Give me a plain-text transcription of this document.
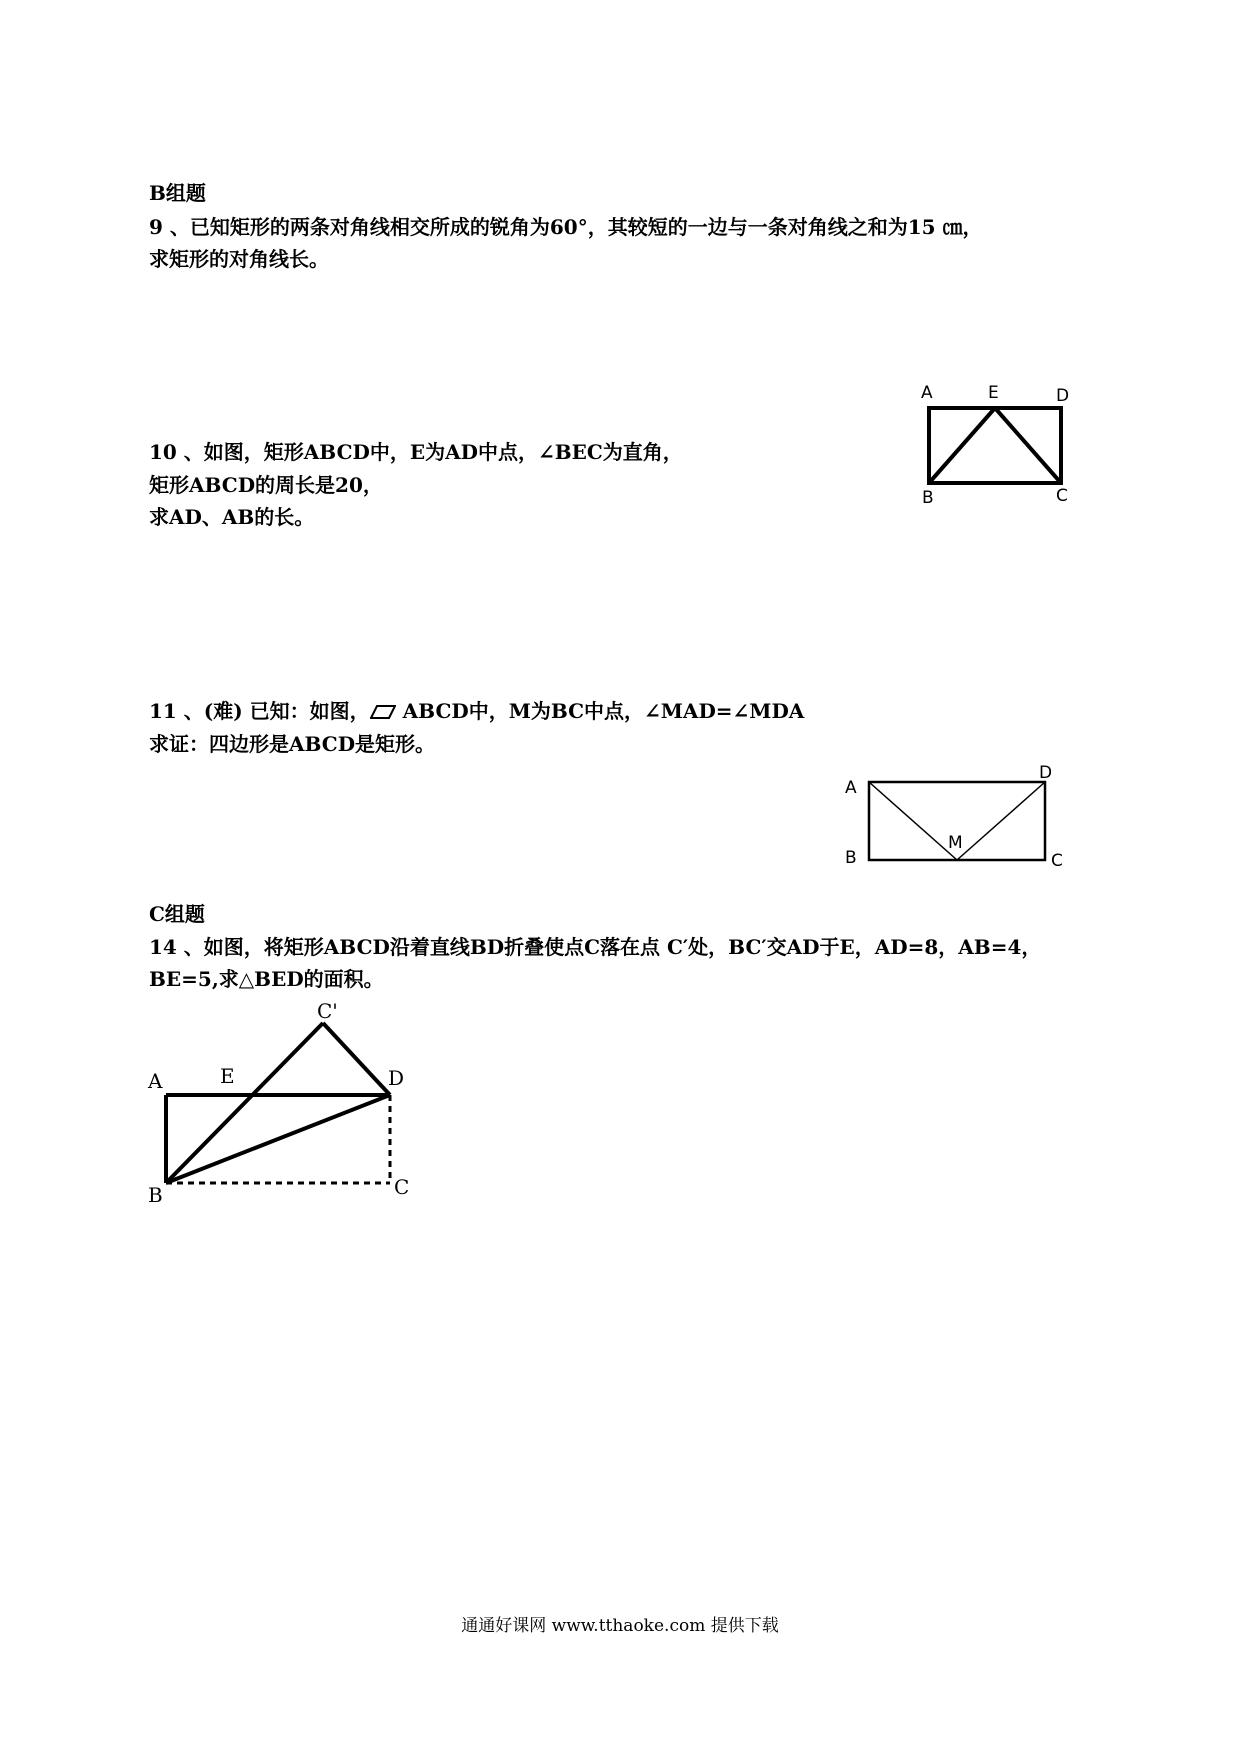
B组题
9 、已知矩形的两条对角线相交所成的锐角为60°，其较短的一边与一条对角线之和为15 ㎝，
求矩形的对角线长。
10 、如图，矩形ABCD中，E为AD中点，∠BEC为直角，
矩形ABCD的周长是20，
求AD、AB的长。
A	E	D
B	C
11 、(难) 已知：如图， ABCD中，M为BC中点，∠MAD=∠MDA
求证：四边形是ABCD是矩形。
A
D
M
B	C
C组题
14 、如图，将矩形ABCD沿着直线BD折叠使点C落在点 C′处，BC′交AD于E，AD=8，AB=4，
BE=5,求△BED的面积。
C'
A	E	D
B	C
通通好课网 www.tthaoke.com 提供下载
